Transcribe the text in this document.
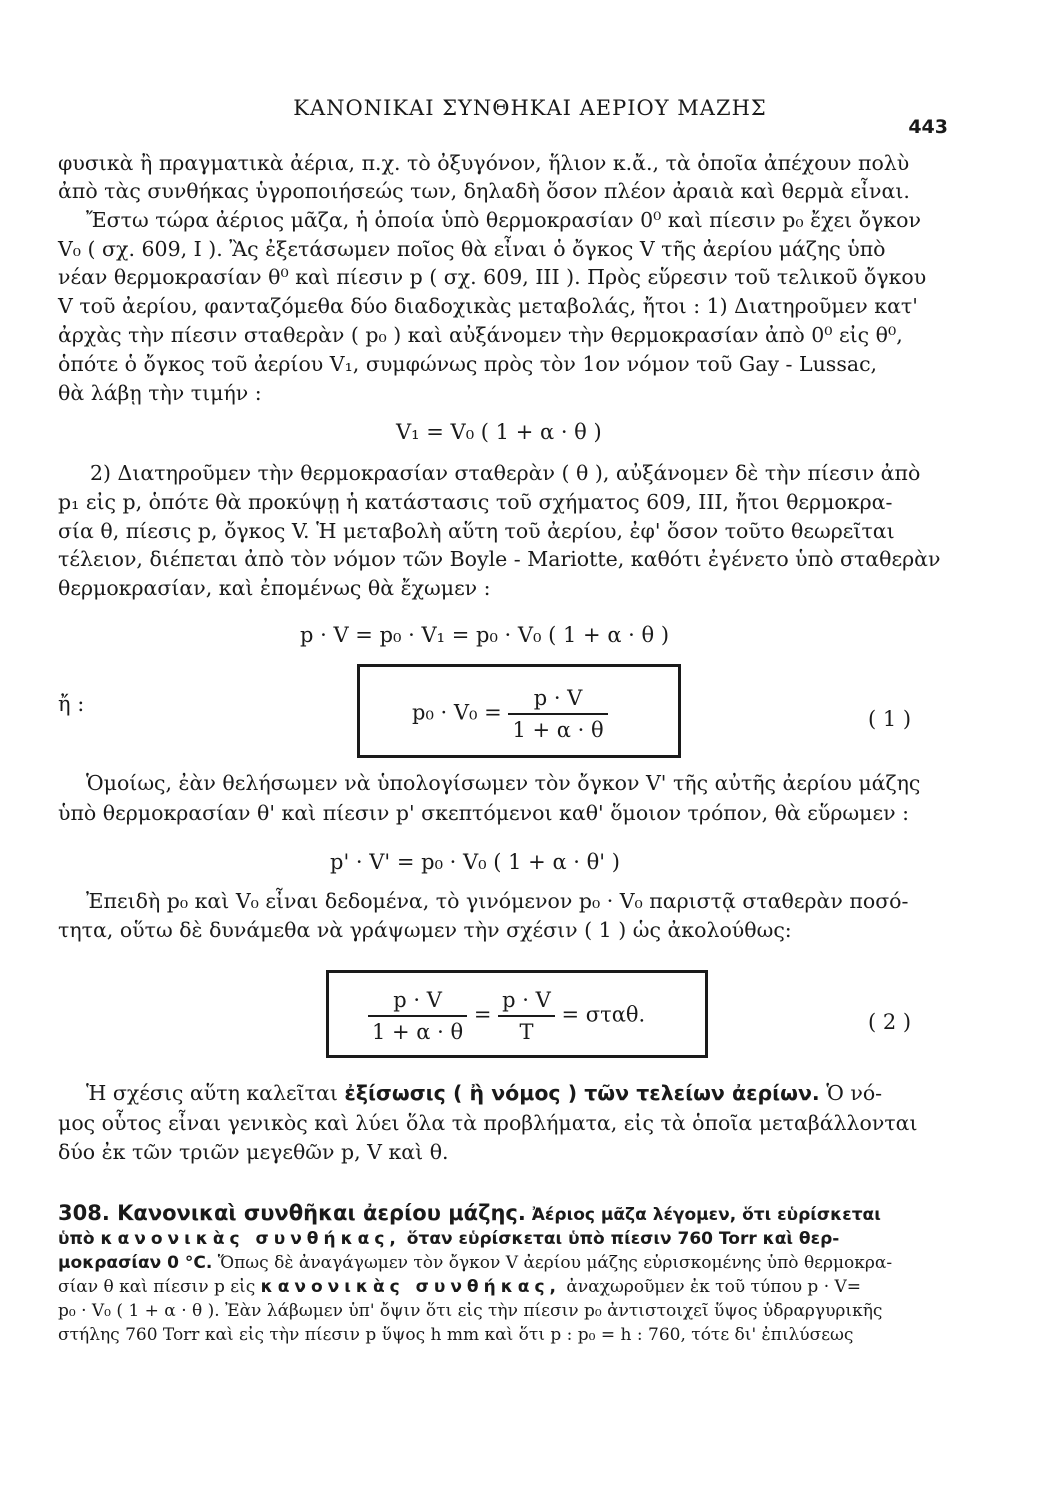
ΚΑΝΟΝΙΚΑΙ ΣΥΝΘΗΚΑΙ ΑΕΡΙΟΥ ΜΑΖΗΣ
443
φυσικὰ ἢ πραγματικὰ ἀέρια, π.χ. τὸ ὀξυγόνον, ἥλιον κ.ἄ., τὰ ὁποῖα ἀπέχουν πολὺ
ἀπὸ τὰς συνθήκας ὑγροποιήσεώς των, δηλαδὴ ὅσον πλέον ἀραιὰ καὶ θερμὰ εἶναι.
Ἔστω τώρα ἀέριος μᾶζα, ἡ ὁποία ὑπὸ θερμοκρασίαν 0⁰ καὶ πίεσιν p₀ ἔχει ὄγκον
V₀ ( σχ. 609, I ). Ἂς ἐξετάσωμεν ποῖος θὰ εἶναι ὁ ὄγκος V τῆς ἀερίου μάζης ὑπὸ
νέαν θερμοκρασίαν θ⁰ καὶ πίεσιν p ( σχ. 609, III ). Πρὸς εὕρεσιν τοῦ τελικοῦ ὄγκου
V τοῦ ἀερίου, φανταζόμεθα δύο διαδοχικὰς μεταβολάς, ἤτοι : 1) Διατηροῦμεν κατ'
ἀρχὰς τὴν πίεσιν σταθερὰν ( p₀ ) καὶ αὐξάνομεν τὴν θερμοκρασίαν ἀπὸ 0⁰ εἰς θ⁰,
ὁπότε ὁ ὄγκος τοῦ ἀερίου V₁, συμφώνως πρὸς τὸν 1ον νόμον τοῦ Gay - Lussac,
θὰ λάβῃ τὴν τιμήν :
V₁ = V₀ ( 1 + α · θ )
2) Διατηροῦμεν τὴν θερμοκρασίαν σταθερὰν ( θ ), αὐξάνομεν δὲ τὴν πίεσιν ἀπὸ
p₁ εἰς p, ὁπότε θὰ προκύψῃ ἡ κατάστασις τοῦ σχήματος 609, III, ἤτοι θερμοκρα-
σία θ, πίεσις p, ὄγκος V. Ἡ μεταβολὴ αὕτη τοῦ ἀερίου, ἐφ' ὅσον τοῦτο θεωρεῖται
τέλειον, διέπεται ἀπὸ τὸν νόμον τῶν Boyle - Mariotte, καθότι ἐγένετο ὑπὸ σταθερὰν
θερμοκρασίαν, καὶ ἐπομένως θὰ ἔχωμεν :
p · V = p₀ · V₁ = p₀ · V₀ ( 1 + α · θ )
ἤ :	$p_0 \cdot V_0 = \frac{p \cdot V}{1 + \alpha \cdot \theta}$	( 1 )
Ὁμοίως, ἐὰν θελήσωμεν νὰ ὑπολογίσωμεν τὸν ὄγκον V' τῆς αὐτῆς ἀερίου μάζης
ὑπὸ θερμοκρασίαν θ' καὶ πίεσιν p' σκεπτόμενοι καθ' ὅμοιον τρόπον, θὰ εὕρωμεν :
p' · V' = p₀ · V₀ ( 1 + α · θ' )
Ἐπειδὴ p₀ καὶ V₀ εἶναι δεδομένα, τὸ γινόμενον p₀ · V₀ παριστᾷ σταθερὰν ποσό-
τητα, οὕτω δὲ δυνάμεθα νὰ γράψωμεν τὴν σχέσιν ( 1 ) ὡς ἀκολούθως:
$\frac{p \cdot V}{1 + \alpha \cdot \theta} = \frac{p \cdot V}{T} = \sigma\tau\alpha\theta$.	( 2 )
Ἡ σχέσις αὕτη καλεῖται ἐξίσωσις ( ἢ νόμος ) τῶν τελείων ἀερίων. Ὁ νό-
μος οὗτος εἶναι γενικὸς καὶ λύει ὅλα τὰ προβλήματα, εἰς τὰ ὁποῖα μεταβάλλονται
δύο ἐκ τῶν τριῶν μεγεθῶν p, V καὶ θ.
308. Κανονικαὶ συνθῆκαι ἀερίου μάζης. Ἀέριος μᾶζα λέγομεν, ὅτι εὑρίσκεται
ὑπὸ κανονικὰς συνθήκας, ὅταν εὑρίσκεται ὑπὸ πίεσιν 760 Torr καὶ θερ-
μοκρασίαν 0 °C. Ὅπως δὲ ἀναγάγωμεν τὸν ὄγκον V ἀερίου μάζης εὑρισκομένης ὑπὸ θερμοκρα-
σίαν θ καὶ πίεσιν p εἰς κανονικὰς συνθήκας, ἀναχωροῦμεν ἐκ τοῦ τύπου p · V=
p₀ · V₀ ( 1 + α · θ ). Ἐὰν λάβωμεν ὑπ' ὄψιν ὅτι εἰς τὴν πίεσιν p₀ ἀντιστοιχεῖ ὕψος ὑδραργυρικῆς
στήλης 760 Torr καὶ εἰς τὴν πίεσιν p ὕψος h mm καὶ ὅτι p : p₀ = h : 760, τότε δι' ἐπιλύσεως
